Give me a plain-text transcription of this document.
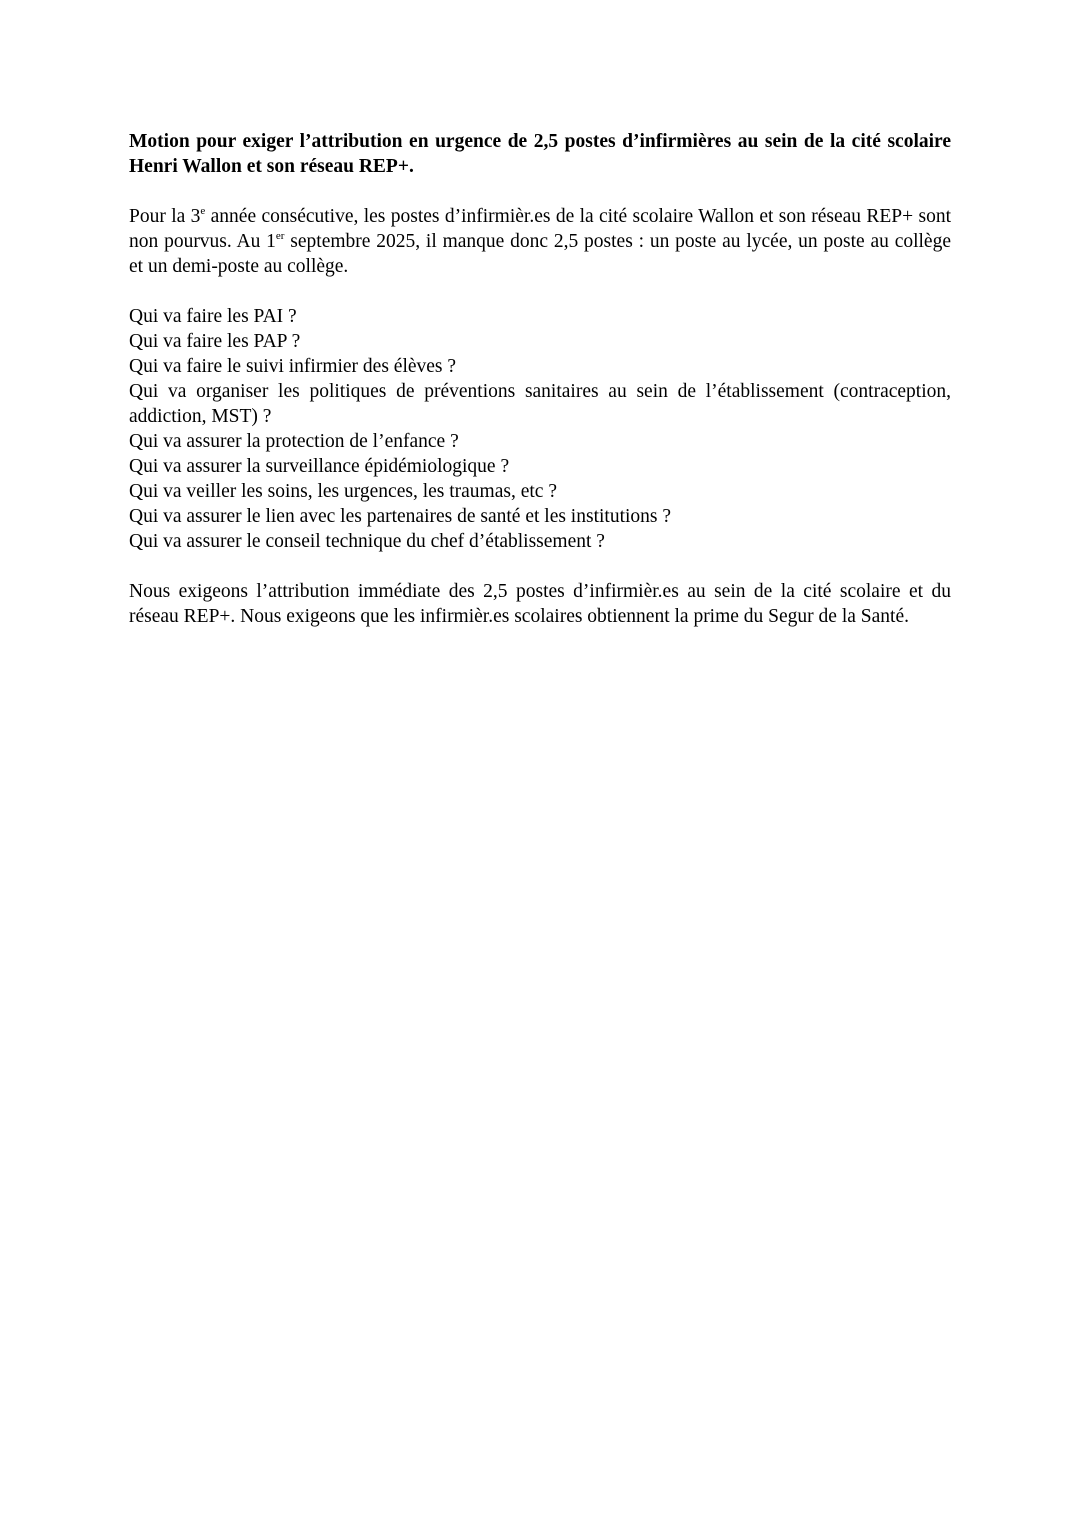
Motion pour exiger l’attribution en urgence de 2,5 postes d’infirmières au sein de la cité scolaire Henri Wallon et son réseau REP+.

Pour la 3e année consécutive, les postes d’infirmièr.es de la cité scolaire Wallon et son réseau REP+ sont non pourvus. Au 1er septembre 2025, il manque donc 2,5 postes : un poste au lycée, un poste au collège et un demi-poste au collège.

Qui va faire les PAI ?
Qui va faire les PAP ?
Qui va faire le suivi infirmier des élèves ?
Qui va organiser les politiques de préventions sanitaires au sein de l’établissement (contraception, addiction, MST) ?
Qui va assurer la protection de l’enfance ?
Qui va assurer la surveillance épidémiologique ?
Qui va veiller les soins, les urgences, les traumas, etc ?
Qui va assurer le lien avec les partenaires de santé et les institutions ?
Qui va assurer le conseil technique du chef d’établissement ?

Nous exigeons l’attribution immédiate des 2,5 postes d’infirmièr.es au sein de la cité scolaire et du réseau REP+. Nous exigeons que les infirmièr.es scolaires obtiennent la prime du Segur de la Santé.
